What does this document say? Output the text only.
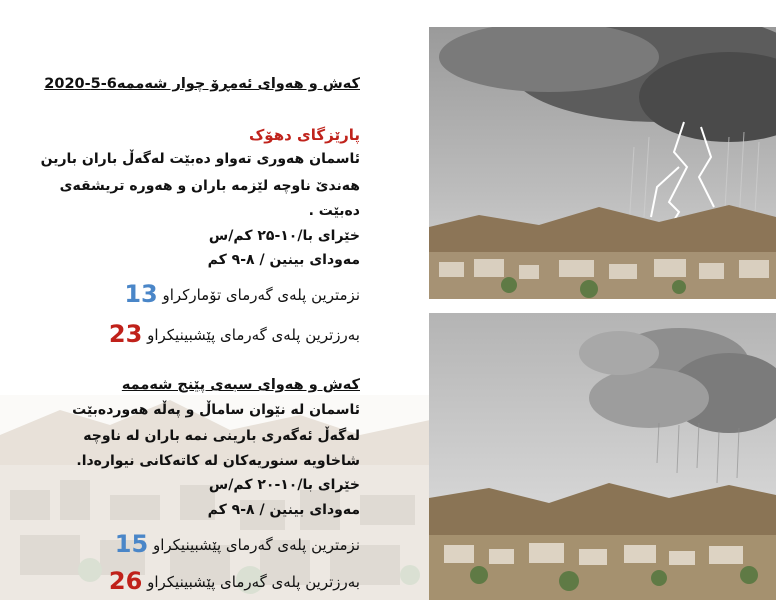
کەش و هەوای ئەمڕۆ چوار شەممە6-5-2020
پارێزگای دهۆک
ئاسمان هەوری تەواو دەبێت لەگەڵ باران بارین
هەندێ ناوچە لێزمە باران و هەورە تریشقەی
دەبێت .
خێرای با/۱۰-۲۵ کم/س
مەودای بینین / ۸-۹ کم
نزمترین پلەی گەرمای تۆمارکراو 13
بەرزترین پلەی گەرمای پێشبینیکراو 23
کەش و هەوای سبەی پێنج شەممە
ئاسمان لە نێوان ساماڵ و پەڵە هەوردەبێت
لەگەڵ ئەگەری بارینی نمە باران لە ناوچە
شاخاویە سنوریەکان لە کاتەکانی نیوارەدا.
خێرای با/۱۰-۲۰ کم/س
مەودای بینین / ۸-۹ کم
نزمترین پلەی گەرمای پێشبینیکراو 15
بەرزترین پلەی گەرمای پێشبینیکراو 26
